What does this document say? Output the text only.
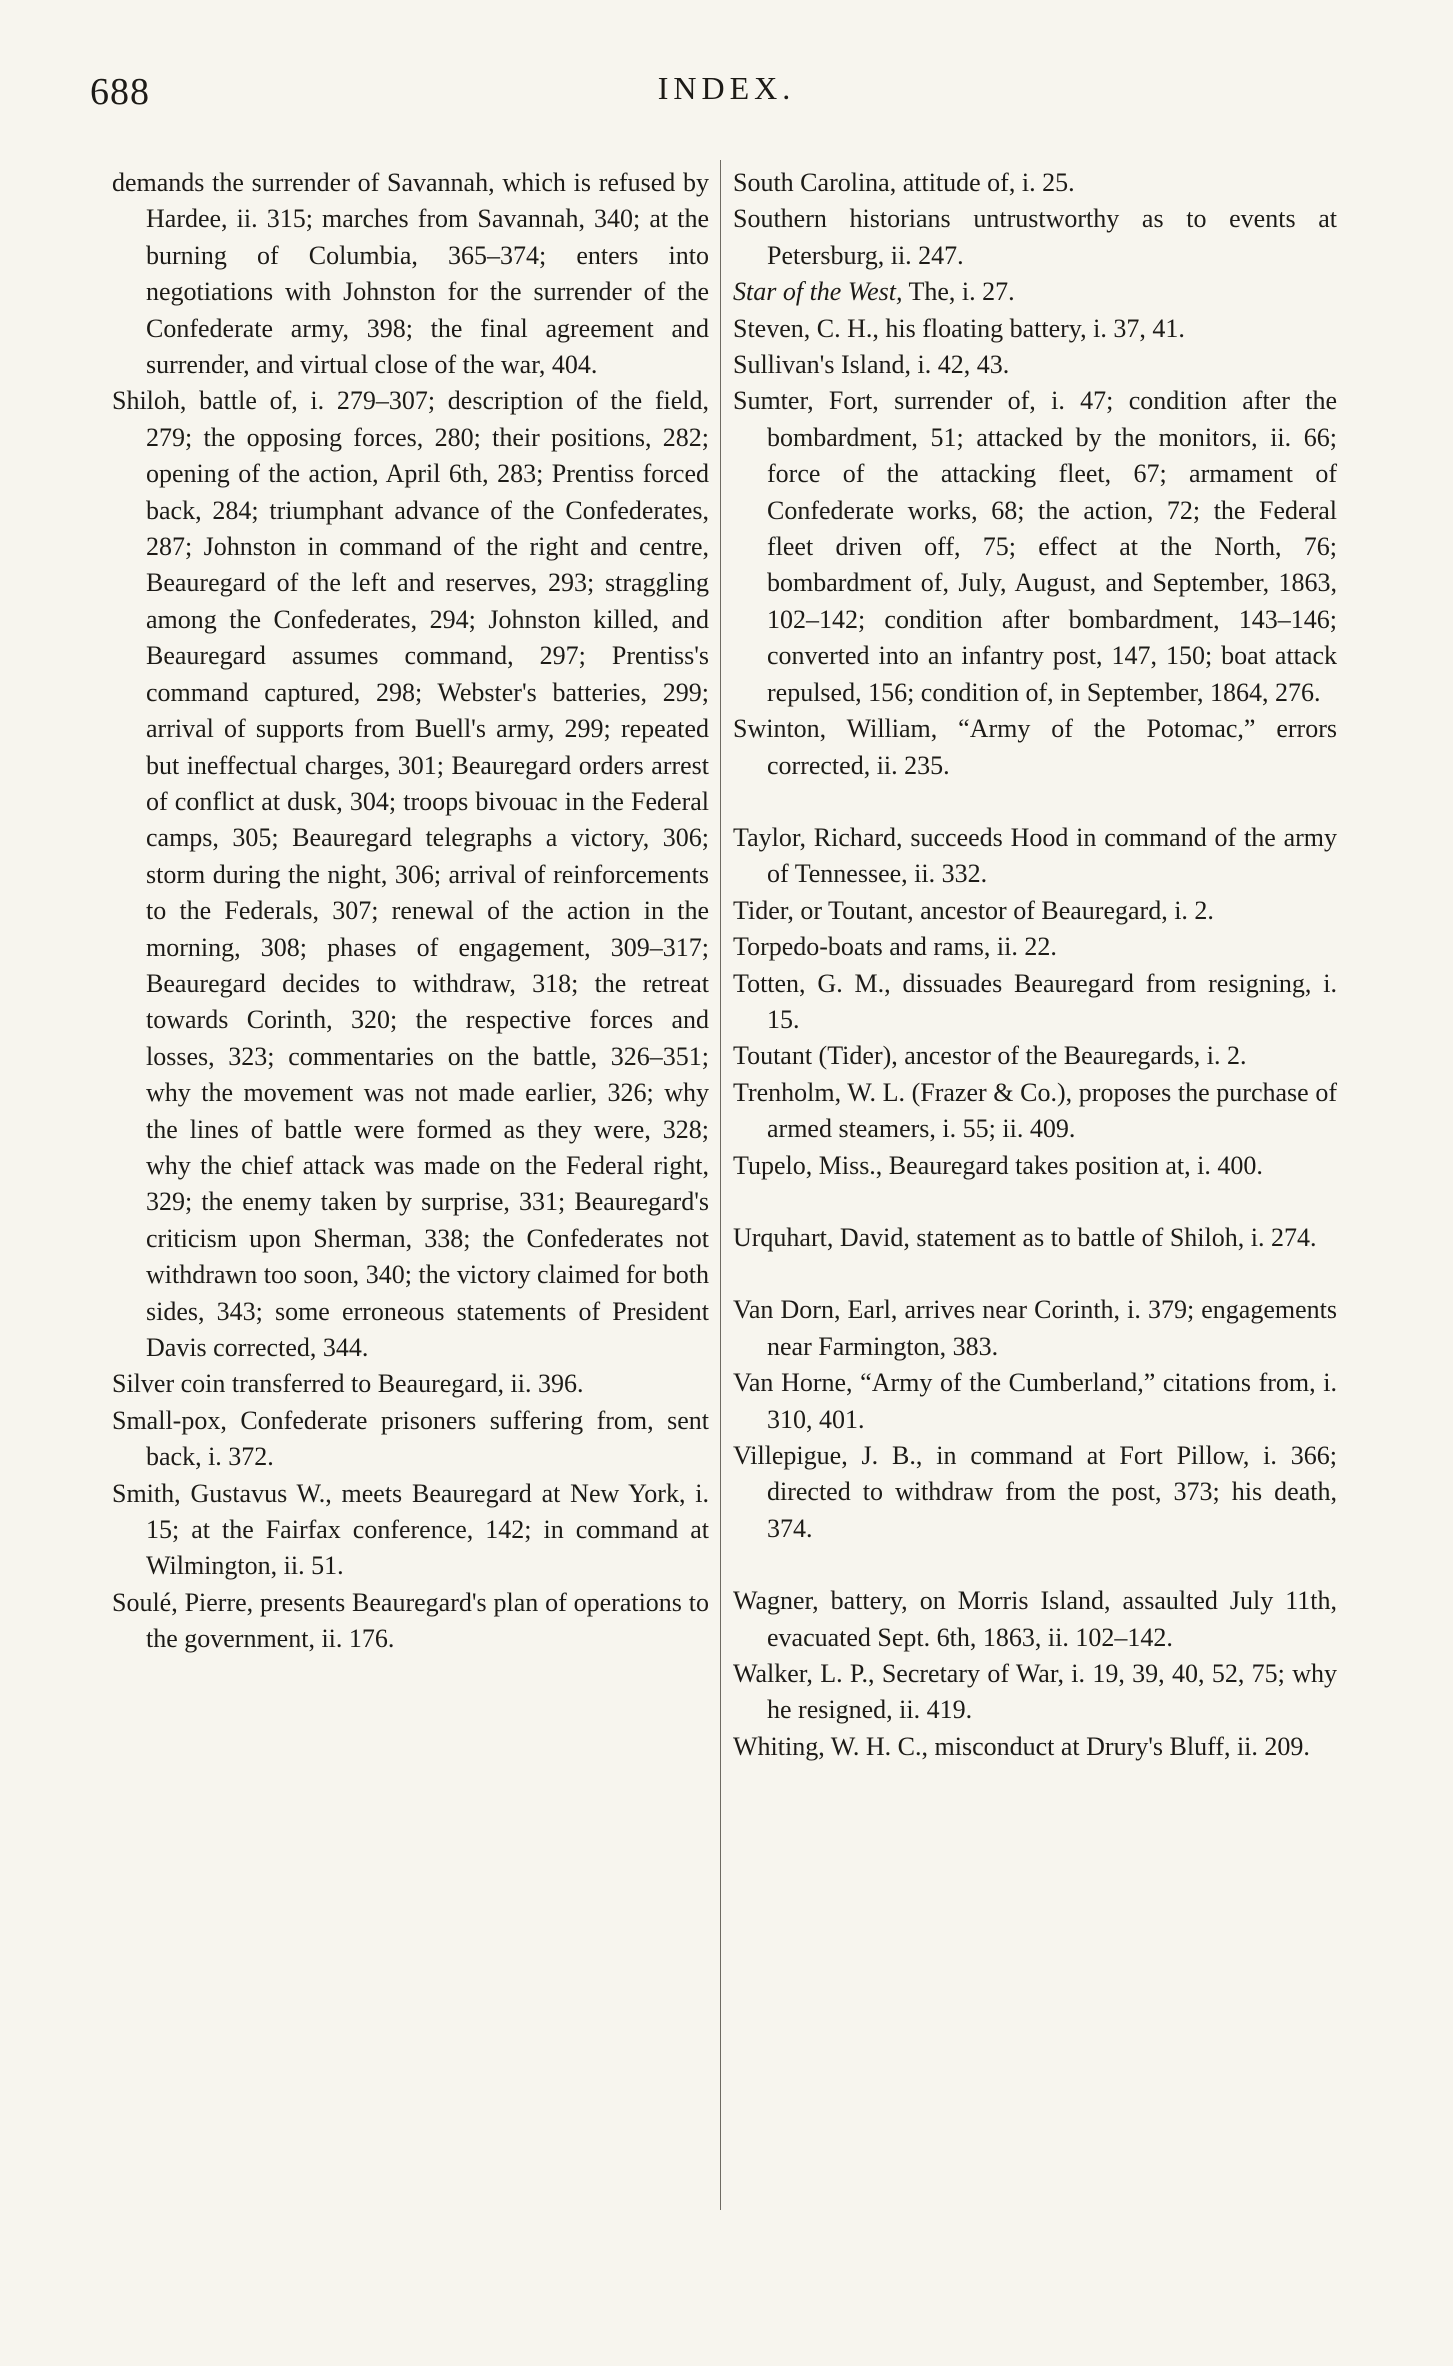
688	INDEX.

demands the surrender of Savannah, which is refused by Hardee, ii. 315; marches from Savannah, 340; at the burning of Columbia, 365–374; enters into negotiations with Johnston for the surrender of the Confederate army, 398; the final agreement and surrender, and virtual close of the war, 404.

Shiloh, battle of, i. 279–307; description of the field, 279; the opposing forces, 280; their positions, 282; opening of the action, April 6th, 283; Prentiss forced back, 284; triumphant advance of the Confederates, 287; Johnston in command of the right and centre, Beauregard of the left and reserves, 293; straggling among the Confederates, 294; Johnston killed, and Beauregard assumes command, 297; Prentiss's command captured, 298; Webster's batteries, 299; arrival of supports from Buell's army, 299; repeated but ineffectual charges, 301; Beauregard orders arrest of conflict at dusk, 304; troops bivouac in the Federal camps, 305; Beauregard telegraphs a victory, 306; storm during the night, 306; arrival of reinforcements to the Federals, 307; renewal of the action in the morning, 308; phases of engagement, 309–317; Beauregard decides to withdraw, 318; the retreat towards Corinth, 320; the respective forces and losses, 323; commentaries on the battle, 326–351; why the movement was not made earlier, 326; why the lines of battle were formed as they were, 328; why the chief attack was made on the Federal right, 329; the enemy taken by surprise, 331; Beauregard's criticism upon Sherman, 338; the Confederates not withdrawn too soon, 340; the victory claimed for both sides, 343; some erroneous statements of President Davis corrected, 344.

Silver coin transferred to Beauregard, ii. 396.

Small-pox, Confederate prisoners suffering from, sent back, i. 372.

Smith, Gustavus W., meets Beauregard at New York, i. 15; at the Fairfax conference, 142; in command at Wilmington, ii. 51.

Soulé, Pierre, presents Beauregard's plan of operations to the government, ii. 176.

South Carolina, attitude of, i. 25.

Southern historians untrustworthy as to events at Petersburg, ii. 247.

Star of the West, The, i. 27.

Steven, C. H., his floating battery, i. 37, 41.

Sullivan's Island, i. 42, 43.

Sumter, Fort, surrender of, i. 47; condition after the bombardment, 51; attacked by the monitors, ii. 66; force of the attacking fleet, 67; armament of Confederate works, 68; the action, 72; the Federal fleet driven off, 75; effect at the North, 76; bombardment of, July, August, and September, 1863, 102–142; condition after bombardment, 143–146; converted into an infantry post, 147, 150; boat attack repulsed, 156; condition of, in September, 1864, 276.

Swinton, William, “Army of the Potomac,” errors corrected, ii. 235.

Taylor, Richard, succeeds Hood in command of the army of Tennessee, ii. 332.

Tider, or Toutant, ancestor of Beauregard, i. 2.

Torpedo-boats and rams, ii. 22.

Totten, G. M., dissuades Beauregard from resigning, i. 15.

Toutant (Tider), ancestor of the Beauregards, i. 2.

Trenholm, W. L. (Frazer & Co.), proposes the purchase of armed steamers, i. 55; ii. 409.

Tupelo, Miss., Beauregard takes position at, i. 400.

Urquhart, David, statement as to battle of Shiloh, i. 274.

Van Dorn, Earl, arrives near Corinth, i. 379; engagements near Farmington, 383.

Van Horne, “Army of the Cumberland,” citations from, i. 310, 401.

Villepigue, J. B., in command at Fort Pillow, i. 366; directed to withdraw from the post, 373; his death, 374.

Wagner, battery, on Morris Island, assaulted July 11th, evacuated Sept. 6th, 1863, ii. 102–142.

Walker, L. P., Secretary of War, i. 19, 39, 40, 52, 75; why he resigned, ii. 419.

Whiting, W. H. C., misconduct at Drury's Bluff, ii. 209.
